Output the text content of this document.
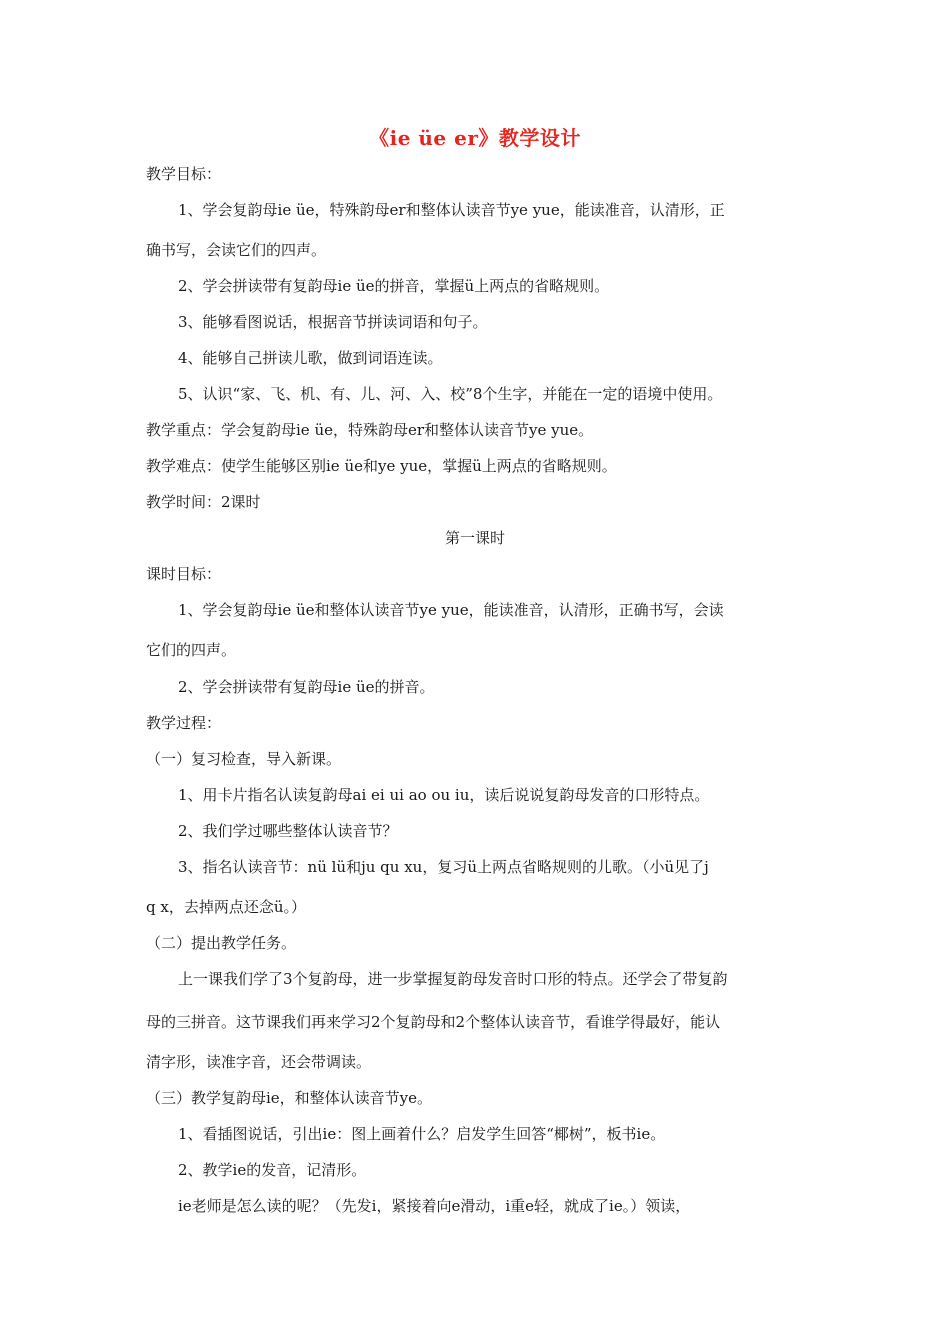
《ie üe er》教学设计
教学目标：
1、学会复韵母ie üe，特殊韵母er和整体认读音节ye yue，能读准音，认清形，正
确书写，会读它们的四声。
2、学会拼读带有复韵母ie üe的拼音，掌握ü上两点的省略规则。
3、能够看图说话，根据音节拼读词语和句子。
4、能够自己拼读儿歌，做到词语连读。
5、认识“家、飞、机、有、儿、河、入、校”8个生字，并能在一定的语境中使用。
教学重点：学会复韵母ie üe，特殊韵母er和整体认读音节ye yue。
教学难点：使学生能够区别ie üe和ye yue，掌握ü上两点的省略规则。
教学时间：2课时
第一课时
课时目标：
1、学会复韵母ie üe和整体认读音节ye yue，能读准音，认清形，正确书写，会读
它们的四声。
2、学会拼读带有复韵母ie üe的拼音。
教学过程：
（一）复习检查，导入新课。
1、用卡片指名认读复韵母ai ei ui ao ou iu，读后说说复韵母发音的口形特点。
2、我们学过哪些整体认读音节？
3、指名认读音节：nü lü和ju qu xu，复习ü上两点省略规则的儿歌。（小ü见了j
q x，去掉两点还念ü。）
（二）提出教学任务。
上一课我们学了3个复韵母，进一步掌握复韵母发音时口形的特点。还学会了带复韵
母的三拼音。这节课我们再来学习2个复韵母和2个整体认读音节，看谁学得最好，能认
清字形，读准字音，还会带调读。
（三）教学复韵母ie，和整体认读音节ye。
1、看插图说话，引出ie：图上画着什么？启发学生回答“椰树”，板书ie。
2、教学ie的发音，记清形。
ie老师是怎么读的呢？（先发i，紧接着向e滑动，i重e轻，就成了ie。）领读，
